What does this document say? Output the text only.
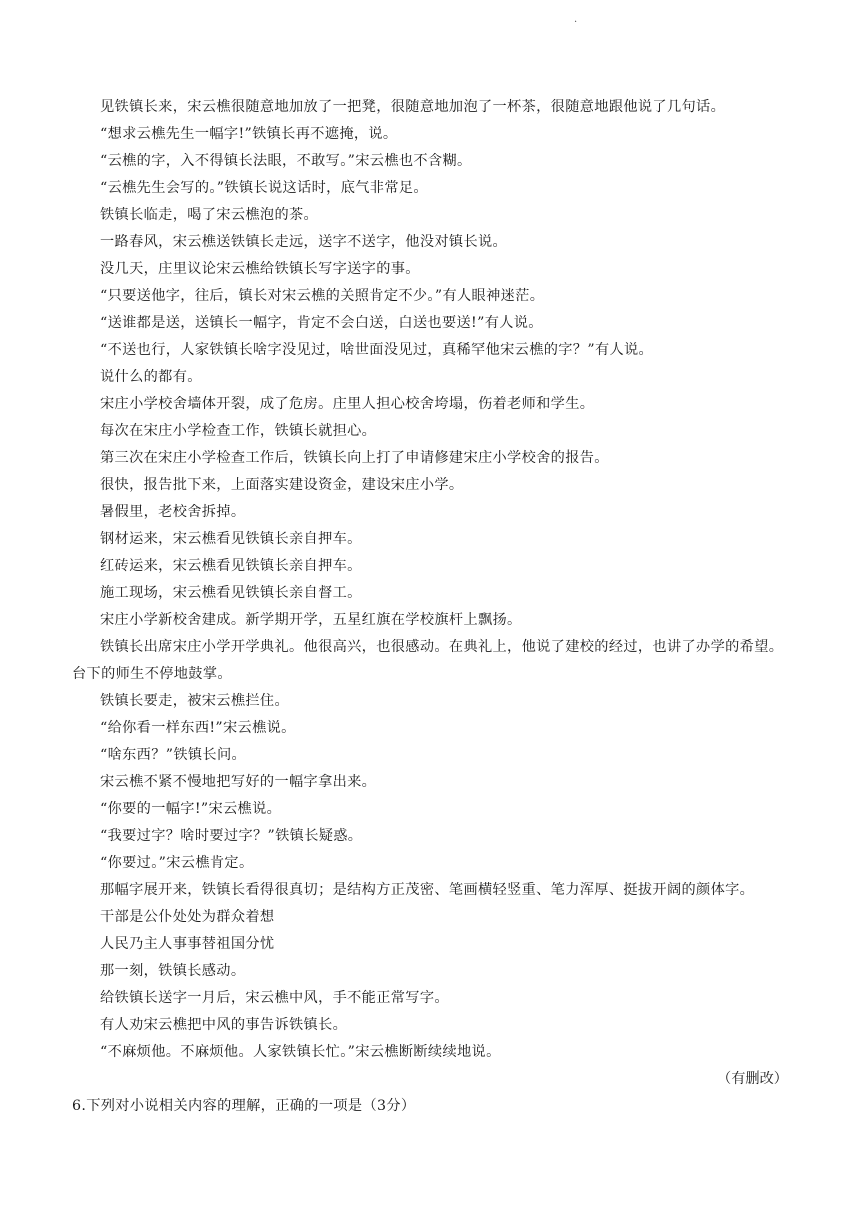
.

见铁镇长来，宋云樵很随意地加放了一把凳，很随意地加泡了一杯茶，很随意地跟他说了几句话。

“想求云樵先生一幅字!”铁镇长再不遮掩，说。

“云樵的字，入不得镇长法眼，不敢写。”宋云樵也不含糊。

“云樵先生会写的。”铁镇长说这话时，底气非常足。

铁镇长临走，喝了宋云樵泡的茶。

一路春风，宋云樵送铁镇长走远，送字不送字，他没对镇长说。

没几天，庄里议论宋云樵给铁镇长写字送字的事。

“只要送他字，往后，镇长对宋云樵的关照肯定不少。”有人眼神迷茫。

“送谁都是送，送镇长一幅字，肯定不会白送，白送也要送!”有人说。

“不送也行，人家铁镇长啥字没见过，啥世面没见过，真稀罕他宋云樵的字？”有人说。

说什么的都有。

宋庄小学校舍墙体开裂，成了危房。庄里人担心校舍垮塌，伤着老师和学生。

每次在宋庄小学检查工作，铁镇长就担心。

第三次在宋庄小学检查工作后，铁镇长向上打了申请修建宋庄小学校舍的报告。

很快，报告批下来，上面落实建设资金，建设宋庄小学。

暑假里，老校舍拆掉。

钢材运来，宋云樵看见铁镇长亲自押车。

红砖运来，宋云樵看见铁镇长亲自押车。

施工现场，宋云樵看见铁镇长亲自督工。

宋庄小学新校舍建成。新学期开学，五星红旗在学校旗杆上飘扬。

铁镇长出席宋庄小学开学典礼。他很高兴，也很感动。在典礼上，他说了建校的经过，也讲了办学的希望。

台下的师生不停地鼓掌。

铁镇长要走，被宋云樵拦住。

“给你看一样东西!”宋云樵说。

“啥东西？”铁镇长问。

宋云樵不紧不慢地把写好的一幅字拿出来。

“你要的一幅字!”宋云樵说。

“我要过字？啥时要过字？”铁镇长疑惑。

“你要过。”宋云樵肯定。

那幅字展开来，铁镇长看得很真切；是结构方正茂密、笔画横轻竖重、笔力浑厚、挺拔开阔的颜体字。

干部是公仆处处为群众着想

人民乃主人事事替祖国分忧

那一刻，铁镇长感动。

给铁镇长送字一月后，宋云樵中风，手不能正常写字。

有人劝宋云樵把中风的事告诉铁镇长。

“不麻烦他。不麻烦他。人家铁镇长忙。”宋云樵断断续续地说。

（有删改）

6.下列对小说相关内容的理解，正确的一项是（3分）
